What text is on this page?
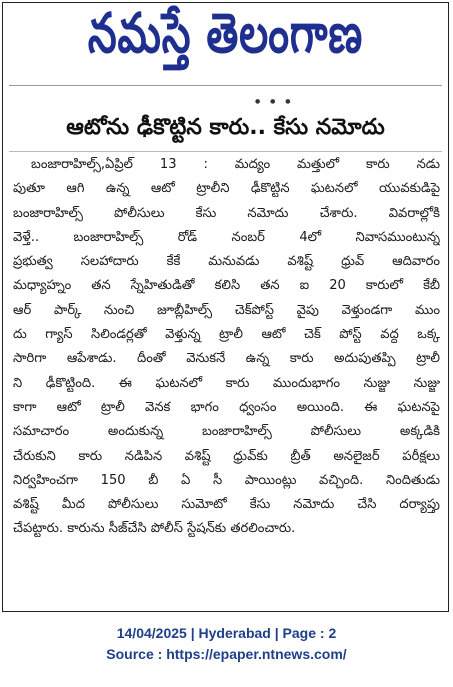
నమస్తే తెలంగాణ
● ● ●
ఆటోను ఢీకొట్టిన కారు.. కేసు నమోదు
బంజారాహిల్స్,ఏప్రిల్ 13 : మద్యం మత్తులో కారు నడు
పుతూ ఆగి ఉన్న ఆటో ట్రాలీని ఢీకొట్టిన ఘటనలో యువకుడిపై
బంజారాహిల్స్ పోలీసులు కేసు నమోదు చేశారు. వివరాల్లోకి
వెళ్తే.. బంజారాహిల్స్ రోడ్ నంబర్ 4లో నివాసముంటున్న
ప్రభుత్వ సలహాదారు కేకే మనువడు వశిష్ట్ ధ్రువ్ ఆదివారం
మధ్యాహ్నం తన స్నేహితుడితో కలిసి తన ఐ 20 కారులో కేబీ
ఆర్ పార్క్ నుంచి జూబ్లీహిల్స్ చెక్‌పోస్ట్ వైపు వెళ్తుండగా ముం
దు గ్యాస్ సిలిండర్లతో వెళ్తున్న ట్రాలీ ఆటో చెక్ పోస్ట్ వద్ద ఒక్క
సారిగా ఆపేశాడు. దీంతో వెనుకనే ఉన్న కారు అదుపుతప్పి ట్రాలీ
ని ఢీకొట్టింది. ఈ ఘటనలో కారు ముందుభాగం నుజ్జు నుజ్జు
కాగా ఆటో ట్రాలీ వెనక భాగం ధ్వంసం అయింది. ఈ ఘటనపై
సమాచారం అందుకున్న బంజారాహిల్స్ పోలీసులు అక్కడికి
చేరుకుని కారు నడిపిన వశిష్ట్ ధ్రువ్‌కు బ్రీత్ అనలైజర్ పరీక్షలు
నిర్వహించగా 150 బీ ఏ సీ పాయింట్లు వచ్చింది. నిందితుడు
వశిష్ట్ మీద పోలీసులు సుమోటో కేసు నమోదు చేసి దర్యాప్తు
చేపట్టారు. కారును సీజ్‌చేసి పోలీస్ స్టేషన్‌కు తరలించారు.
14/04/2025 | Hyderabad | Page : 2
Source : https://epaper.ntnews.com/
